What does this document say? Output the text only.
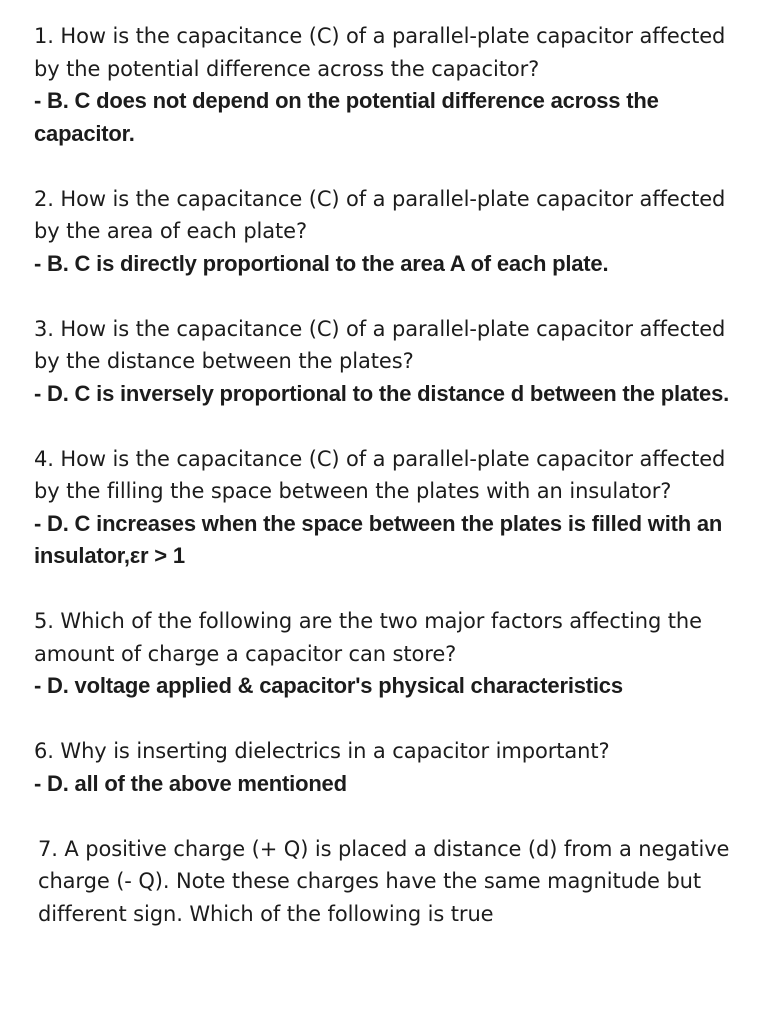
1. How is the capacitance (C) of a parallel-plate capacitor affected by the potential difference across the capacitor?

- B. C does not depend on the potential difference across the capacitor.

2. How is the capacitance (C) of a parallel-plate capacitor affected by the area of each plate?

- B. C is directly proportional to the area A of each plate.

3. How is the capacitance (C) of a parallel-plate capacitor affected by the distance between the plates?

- D. C is inversely proportional to the distance d between the plates.

4. How is the capacitance (C) of a parallel-plate capacitor affected by the filling the space between the plates with an insulator?

- D. C increases when the space between the plates is filled with an insulator,εr > 1

5. Which of the following are the two major factors affecting the amount of charge a capacitor can store?

- D. voltage applied & capacitor's physical characteristics

6. Why is inserting dielectrics in a capacitor important?

- D. all of the above mentioned

7. A positive charge (+ Q) is placed a distance (d) from a negative charge (- Q). Note these charges have the same magnitude but different sign. Which of the following is true
